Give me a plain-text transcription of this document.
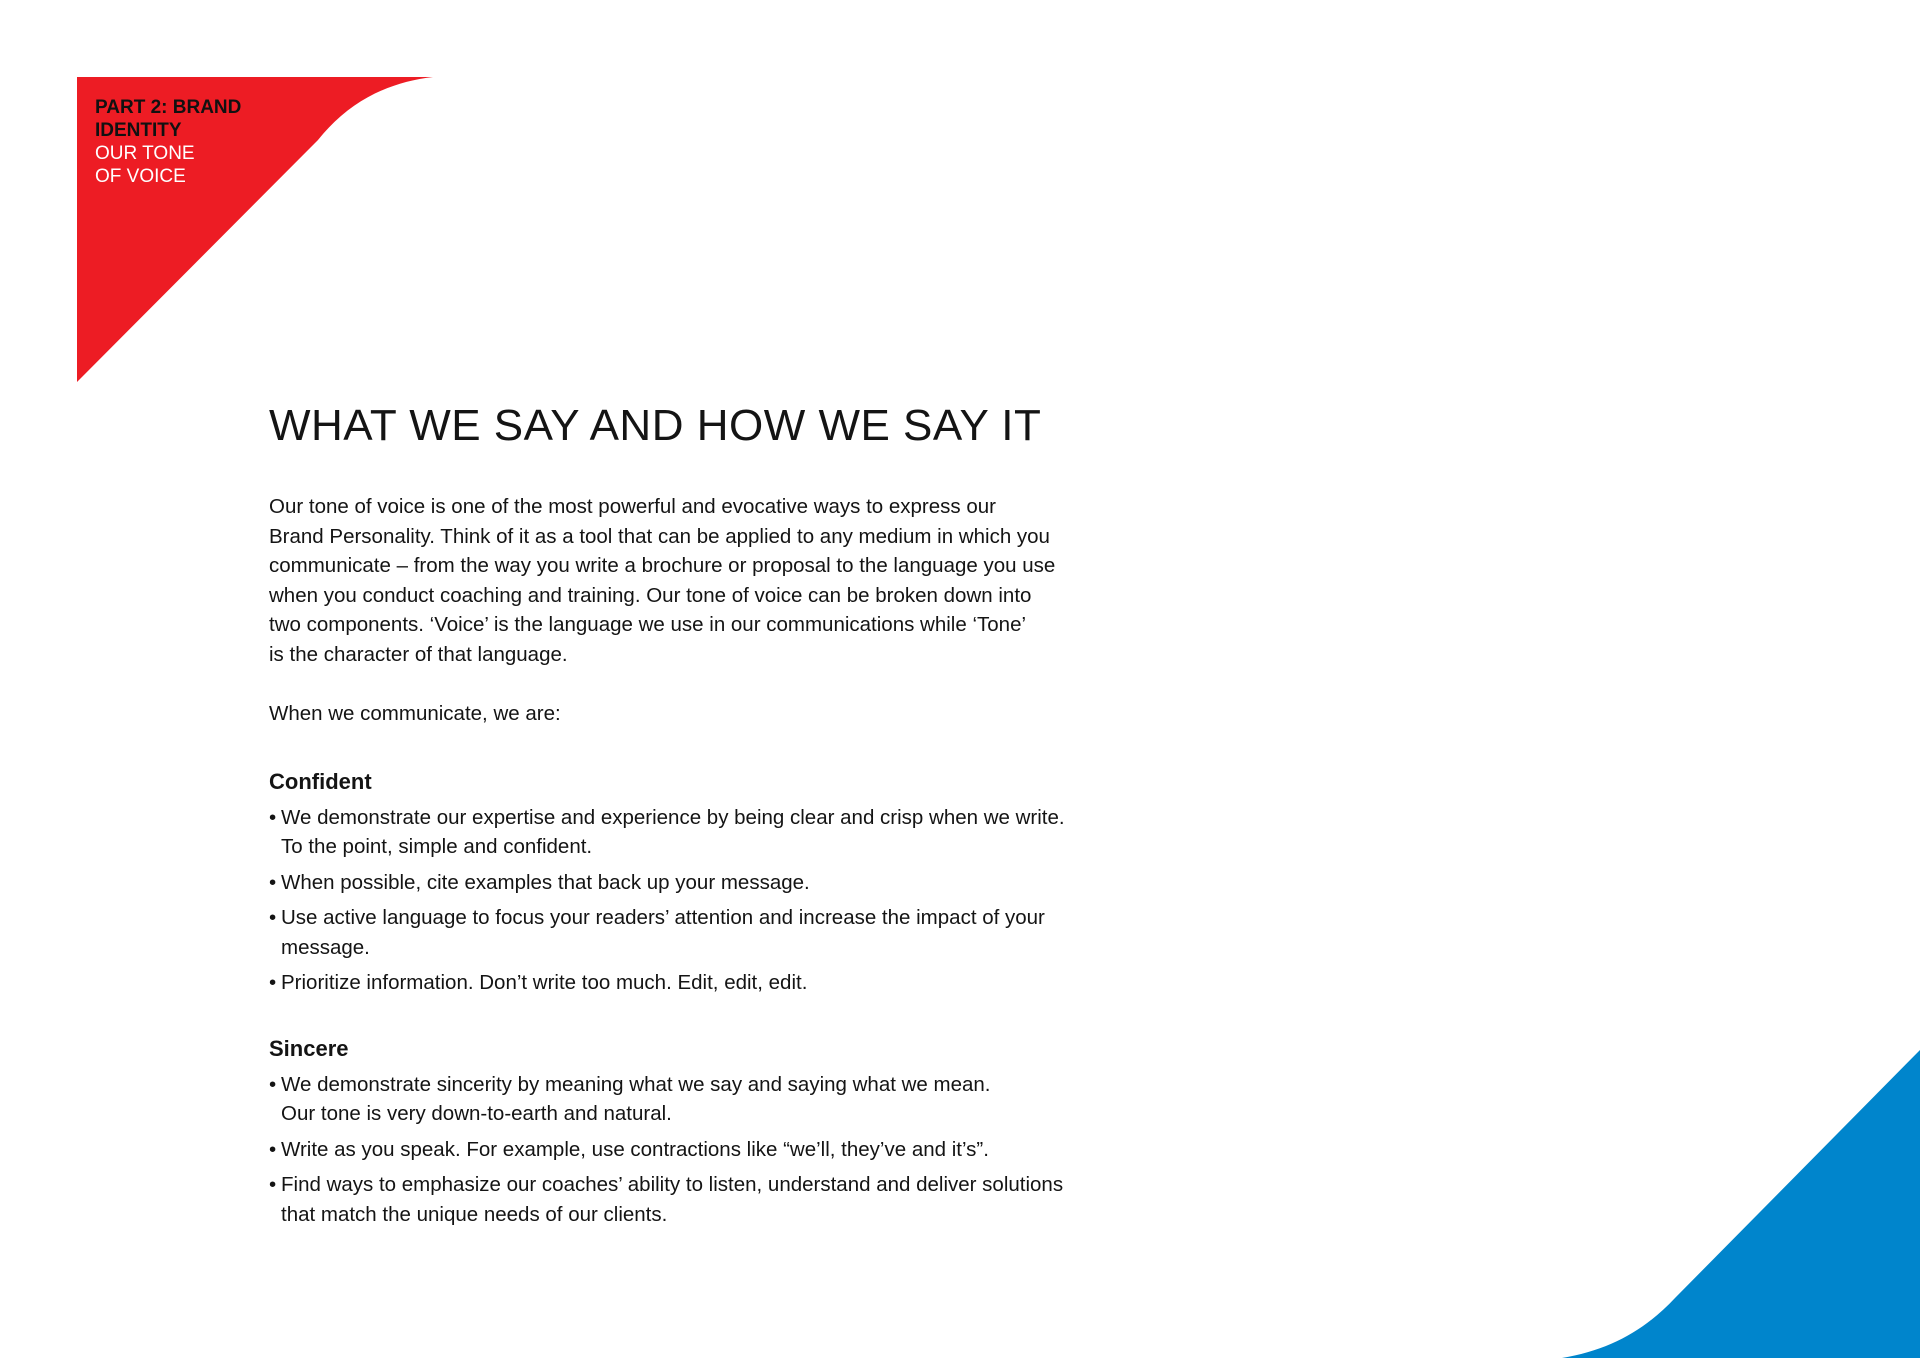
PART 2: BRAND
IDENTITY
OUR TONE
OF VOICE
WHAT WE SAY AND HOW WE SAY IT

Our tone of voice is one of the most powerful and evocative ways to express our
Brand Personality. Think of it as a tool that can be applied to any medium in which you
communicate – from the way you write a brochure or proposal to the language you use
when you conduct coaching and training. Our tone of voice can be broken down into
two components. ‘Voice’ is the language we use in our communications while ‘Tone’
is the character of that language.

When we communicate, we are:

Confident
• We demonstrate our expertise and experience by being clear and crisp when we write.
To the point, simple and confident.
• When possible, cite examples that back up your message.
• Use active language to focus your readers’ attention and increase the impact of your
message.
• Prioritize information. Don’t write too much. Edit, edit, edit.
Sincere
• We demonstrate sincerity by meaning what we say and saying what we mean.
Our tone is very down-to-earth and natural.
• Write as you speak. For example, use contractions like “we’ll, they’ve and it’s”.
• Find ways to emphasize our coaches’ ability to listen, understand and deliver solutions
that match the unique needs of our clients.
